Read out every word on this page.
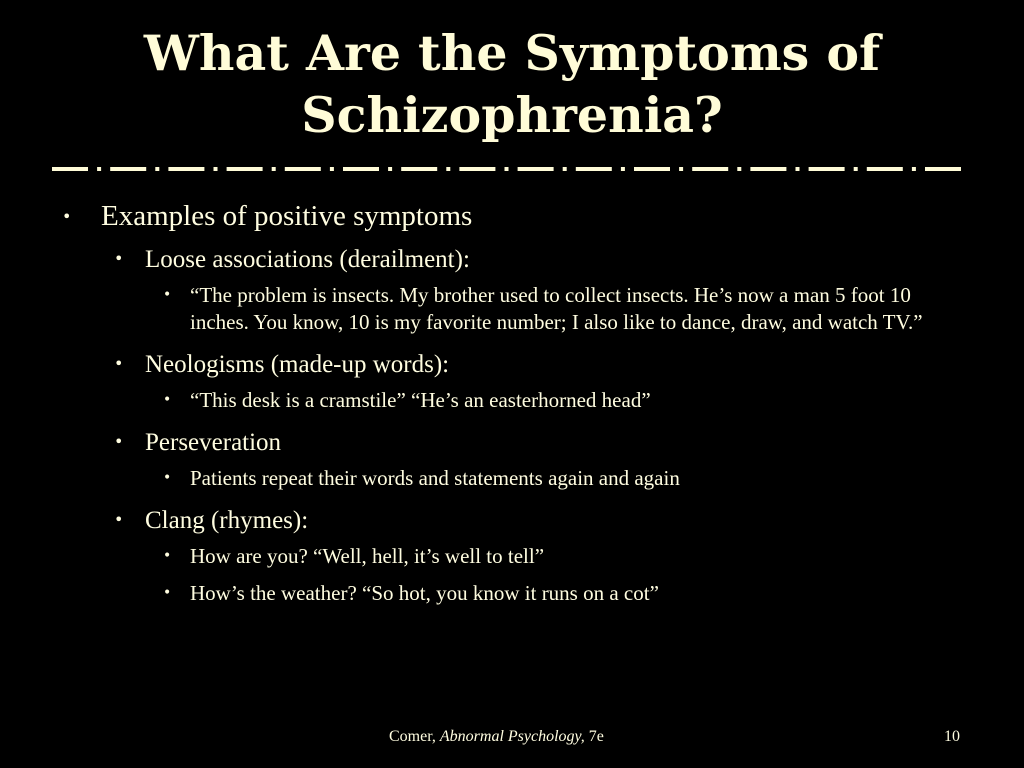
What Are the Symptoms of
Schizophrenia?
• Examples of positive symptoms
• Loose associations (derailment):
• “The problem is insects. My brother used to collect insects. He’s now a man 5 foot 10 inches. You know, 10 is my favorite number; I also like to dance, draw, and watch TV.”
• Neologisms (made-up words):
• “This desk is a cramstile” “He’s an easterhorned head”
• Perseveration
• Patients repeat their words and statements again and again
• Clang (rhymes):
• How are you? “Well, hell, it’s well to tell”
• How’s the weather? “So hot, you know it runs on a cot”
Comer, Abnormal Psychology, 7e	10
